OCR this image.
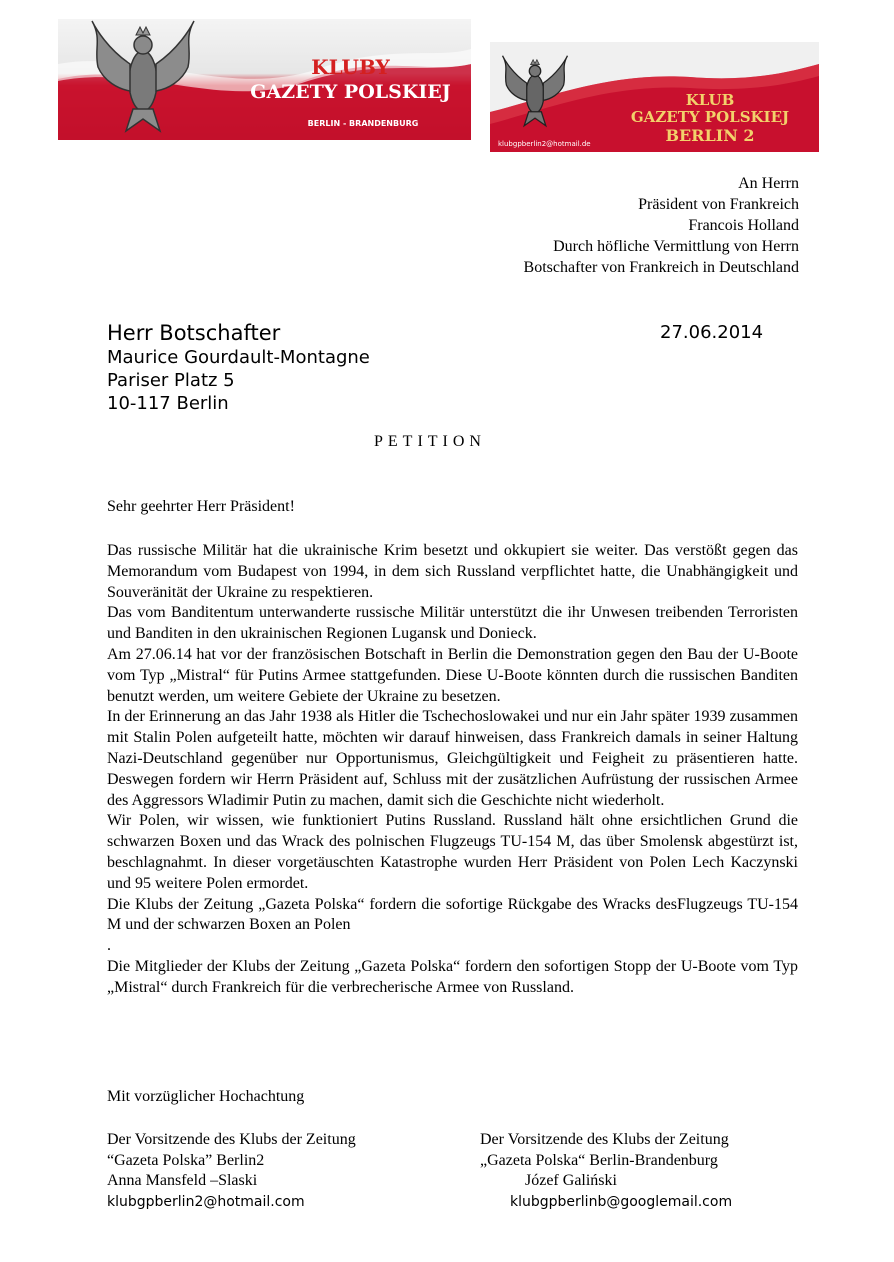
KLUBY
GAZETY POLSKIEJ
BERLIN - BRANDENBURG
KLUB
GAZETY POLSKIEJ
BERLIN 2
klubgpberlin2@hotmail.de
An Herrn
Präsident von Frankreich
Francois Holland
Durch höfliche Vermittlung von Herrn
Botschafter von Frankreich in Deutschland
Herr Botschafter
Maurice Gourdault-Montagne
Pariser Platz 5
10-117 Berlin
27.06.2014
PETITION
Sehr geehrter Herr Präsident!

Das russische Militär hat die ukrainische Krim besetzt und okkupiert sie weiter. Das verstößt gegen das Memorandum vom Budapest von 1994, in dem sich Russland verpflichtet hatte, die Unabhängigkeit und Souveränität der Ukraine zu respektieren.

Das vom Banditentum unterwanderte russische Militär unterstützt die ihr Unwesen treibenden Terroristen und Banditen in den ukrainischen Regionen Lugansk und Donieck.

Am 27.06.14 hat vor der französischen Botschaft in Berlin die Demonstration gegen den Bau der U-Boote vom Typ „Mistral“ für Putins Armee stattgefunden. Diese U-Boote könnten durch die russischen Banditen benutzt werden, um weitere Gebiete der Ukraine zu besetzen.

In der Erinnerung an das Jahr 1938 als Hitler die Tschechoslowakei und nur ein Jahr später 1939 zusammen mit Stalin Polen aufgeteilt hatte, möchten wir darauf hinweisen, dass Frankreich damals in seiner Haltung Nazi-Deutschland gegenüber nur Opportunismus, Gleichgültigkeit und Feigheit zu präsentieren hatte. Deswegen fordern wir Herrn Präsident auf, Schluss mit der zusätzlichen Aufrüstung der russischen Armee des Aggressors Wladimir Putin zu machen, damit sich die Geschichte nicht wiederholt.

Wir Polen, wir wissen, wie funktioniert Putins Russland. Russland hält ohne ersichtlichen Grund die schwarzen Boxen und das Wrack des polnischen Flugzeugs TU-154 M, das über Smolensk abgestürzt ist, beschlagnahmt. In dieser vorgetäuschten Katastrophe wurden Herr Präsident von Polen Lech Kaczynski und 95 weitere Polen ermordet.

Die Klubs der Zeitung „Gazeta Polska“ fordern die sofortige Rückgabe des Wracks desFlugzeugs TU-154 M und der schwarzen Boxen an Polen

.

Die Mitglieder der Klubs der Zeitung „Gazeta Polska“ fordern den sofortigen Stopp der U-Boote vom Typ „Mistral“ durch Frankreich für die verbrecherische Armee von Russland.

Mit vorzüglicher Hochachtung
Der Vorsitzende des Klubs der Zeitung
“Gazeta Polska” Berlin2
Anna Mansfeld –Slaski
klubgpberlin2@hotmail.com
Der Vorsitzende des Klubs der Zeitung
„Gazeta Polska“ Berlin-Brandenburg
Józef Galiński
klubgpberlinb@googlemail.com
